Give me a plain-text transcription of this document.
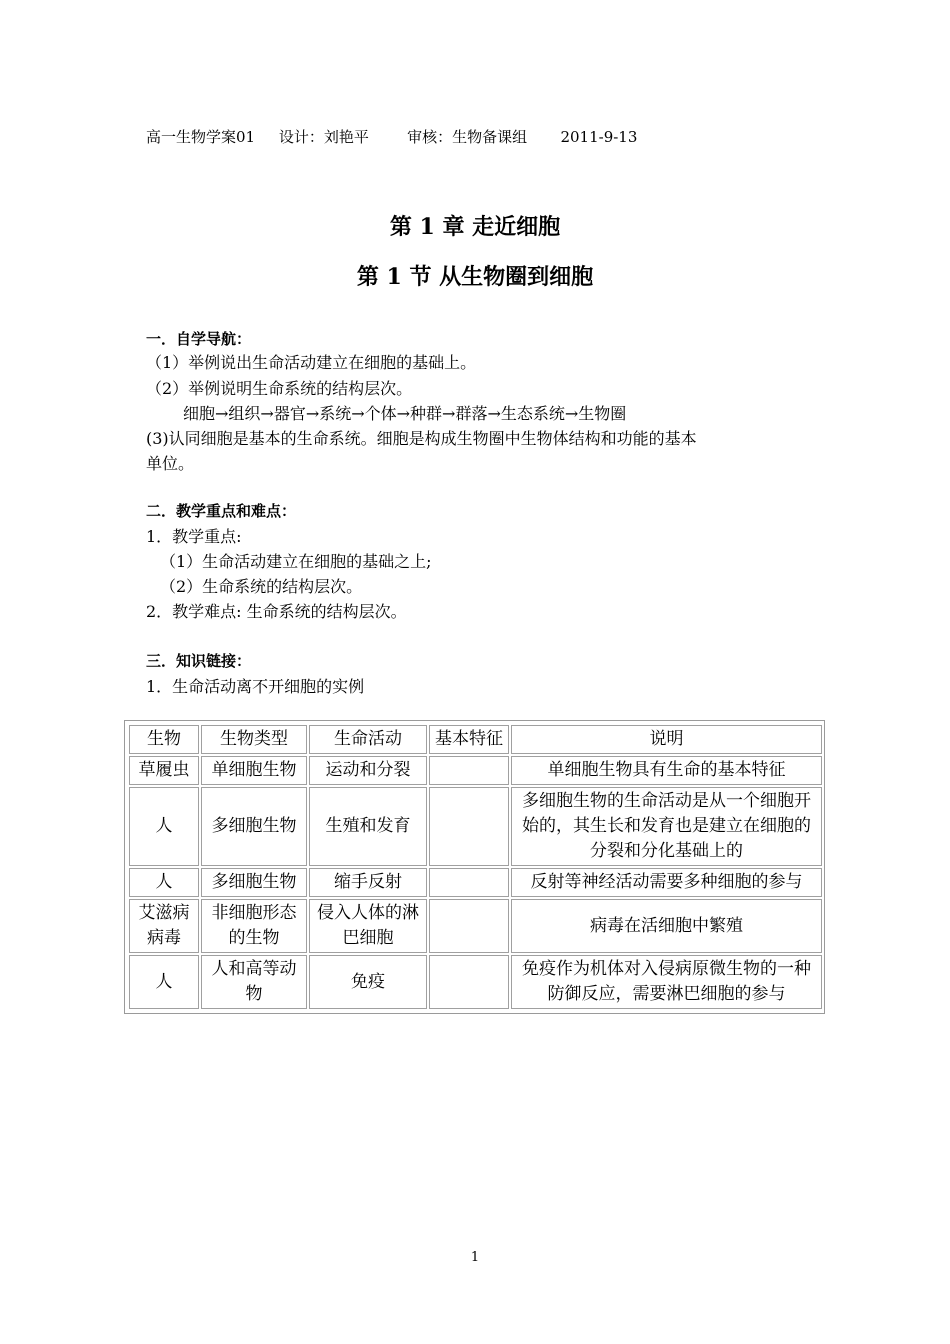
高一生物学案01     设计：刘艳平        审核：生物备课组       2011-9-13
第 1 章 走近细胞
第 1 节 从生物圈到细胞
一．自学导航：
（1）举例说出生命活动建立在细胞的基础上。
（2）举例说明生命系统的结构层次。
细胞→组织→器官→系统→个体→种群→群落→生态系统→生物圈
(3)认同细胞是基本的生命系统。细胞是构成生物圈中生物体结构和功能的基本
单位。
二．教学重点和难点：
1．教学重点:
（1）生命活动建立在细胞的基础之上;
（2）生命系统的结构层次。
2．教学难点: 生命系统的结构层次。
三．知识链接：
1．生命活动离不开细胞的实例
生物	生物类型	生命活动	基本特征	说明
草履虫	单细胞生物	运动和分裂		单细胞生物具有生命的基本特征
人	多细胞生物	生殖和发育		多细胞生物的生命活动是从一个细胞开始的，其生长和发育也是建立在细胞的分裂和分化基础上的
人	多细胞生物	缩手反射		反射等神经活动需要多种细胞的参与
艾滋病病毒	非细胞形态的生物	侵入人体的淋巴细胞		病毒在活细胞中繁殖
人	人和高等动物	免疫		免疫作为机体对入侵病原微生物的一种防御反应，需要淋巴细胞的参与
1
